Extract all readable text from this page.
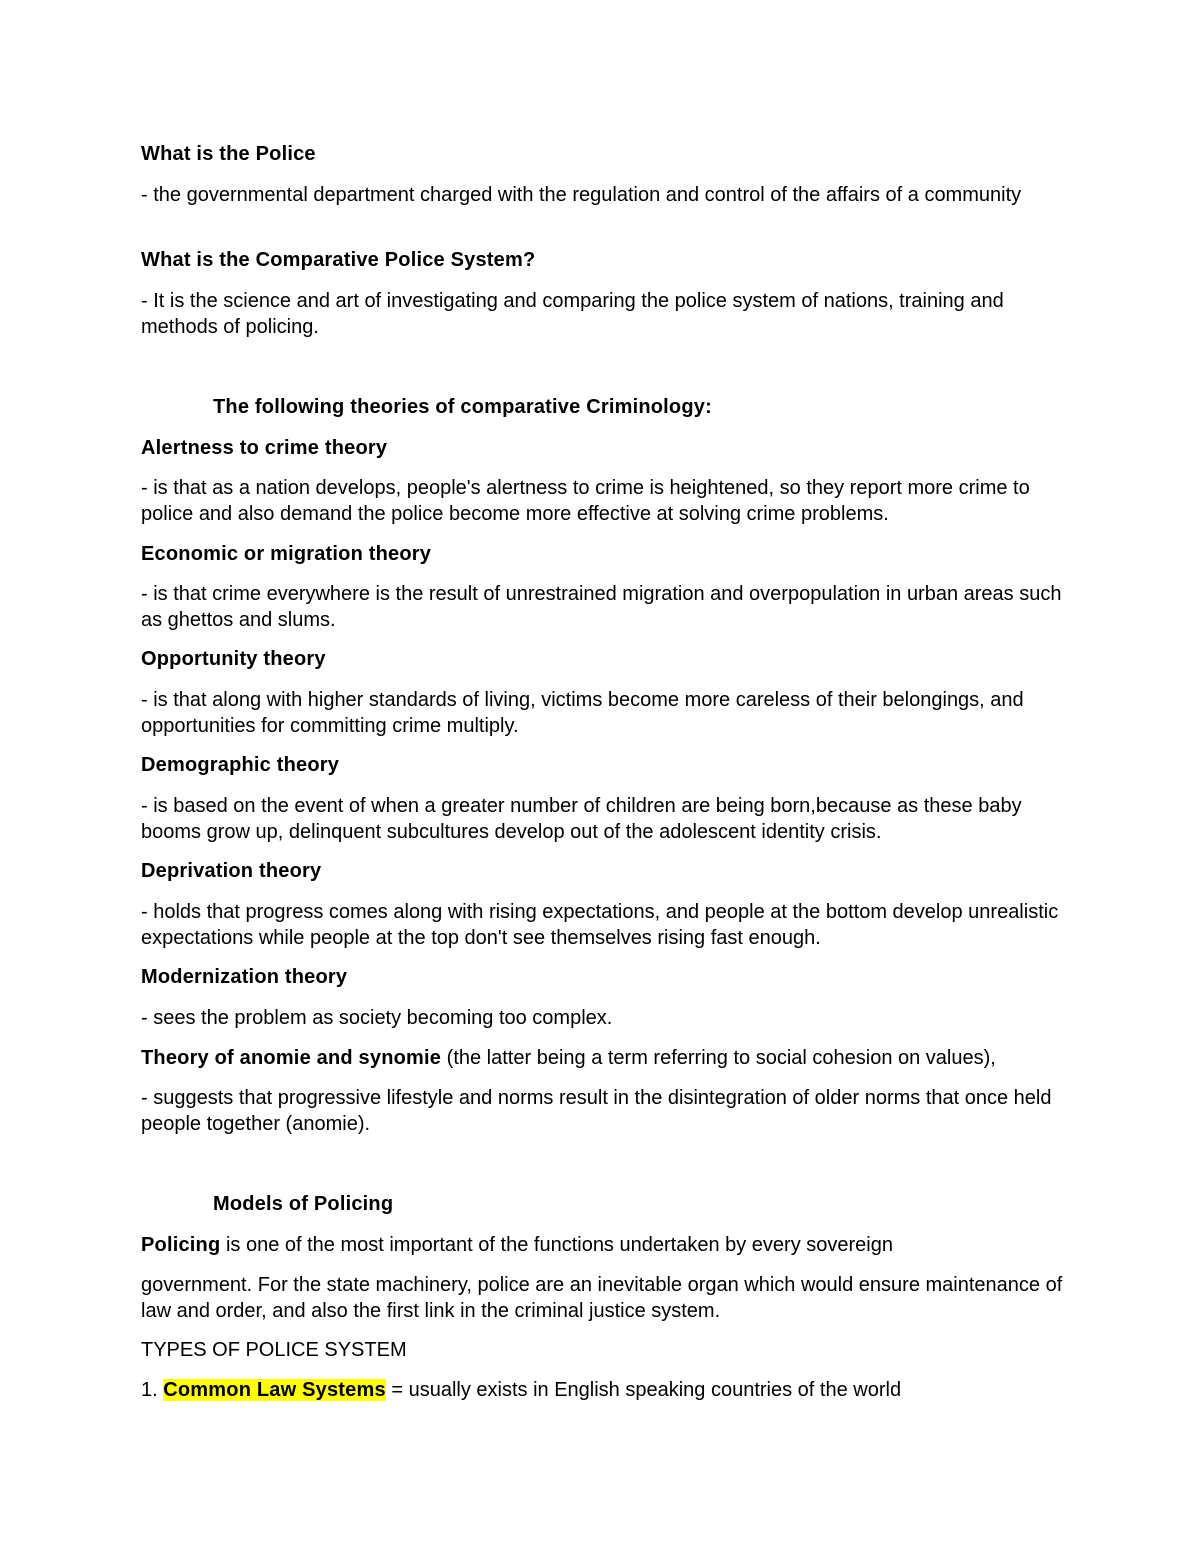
What is the Police

- the governmental department charged with the regulation and control of the affairs of a community

What is the Comparative Police System?

- It is the science and art of investigating and comparing the police system of nations, training and methods of policing.

The following theories of comparative Criminology:

Alertness to crime theory

- is that as a nation develops, people's alertness to crime is heightened, so they report more crime to police and also demand the police become more effective at solving crime problems.

Economic or migration theory

- is that crime everywhere is the result of unrestrained migration and overpopulation in urban areas such as ghettos and slums.

Opportunity theory

- is that along with higher standards of living, victims become more careless of their belongings, and opportunities for committing crime multiply.

Demographic theory

- is based on the event of when a greater number of children are being born,because as these baby booms grow up, delinquent subcultures develop out of the adolescent identity crisis.

Deprivation theory

- holds that progress comes along with rising expectations, and people at the bottom develop unrealistic expectations while people at the top don't see themselves rising fast enough.

Modernization theory

- sees the problem as society becoming too complex.

Theory of anomie and synomie (the latter being a term referring to social cohesion on values),

- suggests that progressive lifestyle and norms result in the disintegration of older norms that once held people together (anomie).

Models of Policing

Policing is one of the most important of the functions undertaken by every sovereign

government. For the state machinery, police are an inevitable organ which would ensure maintenance of law and order, and also the first link in the criminal justice system.

TYPES OF POLICE SYSTEM

1. Common Law Systems = usually exists in English speaking countries of the world
